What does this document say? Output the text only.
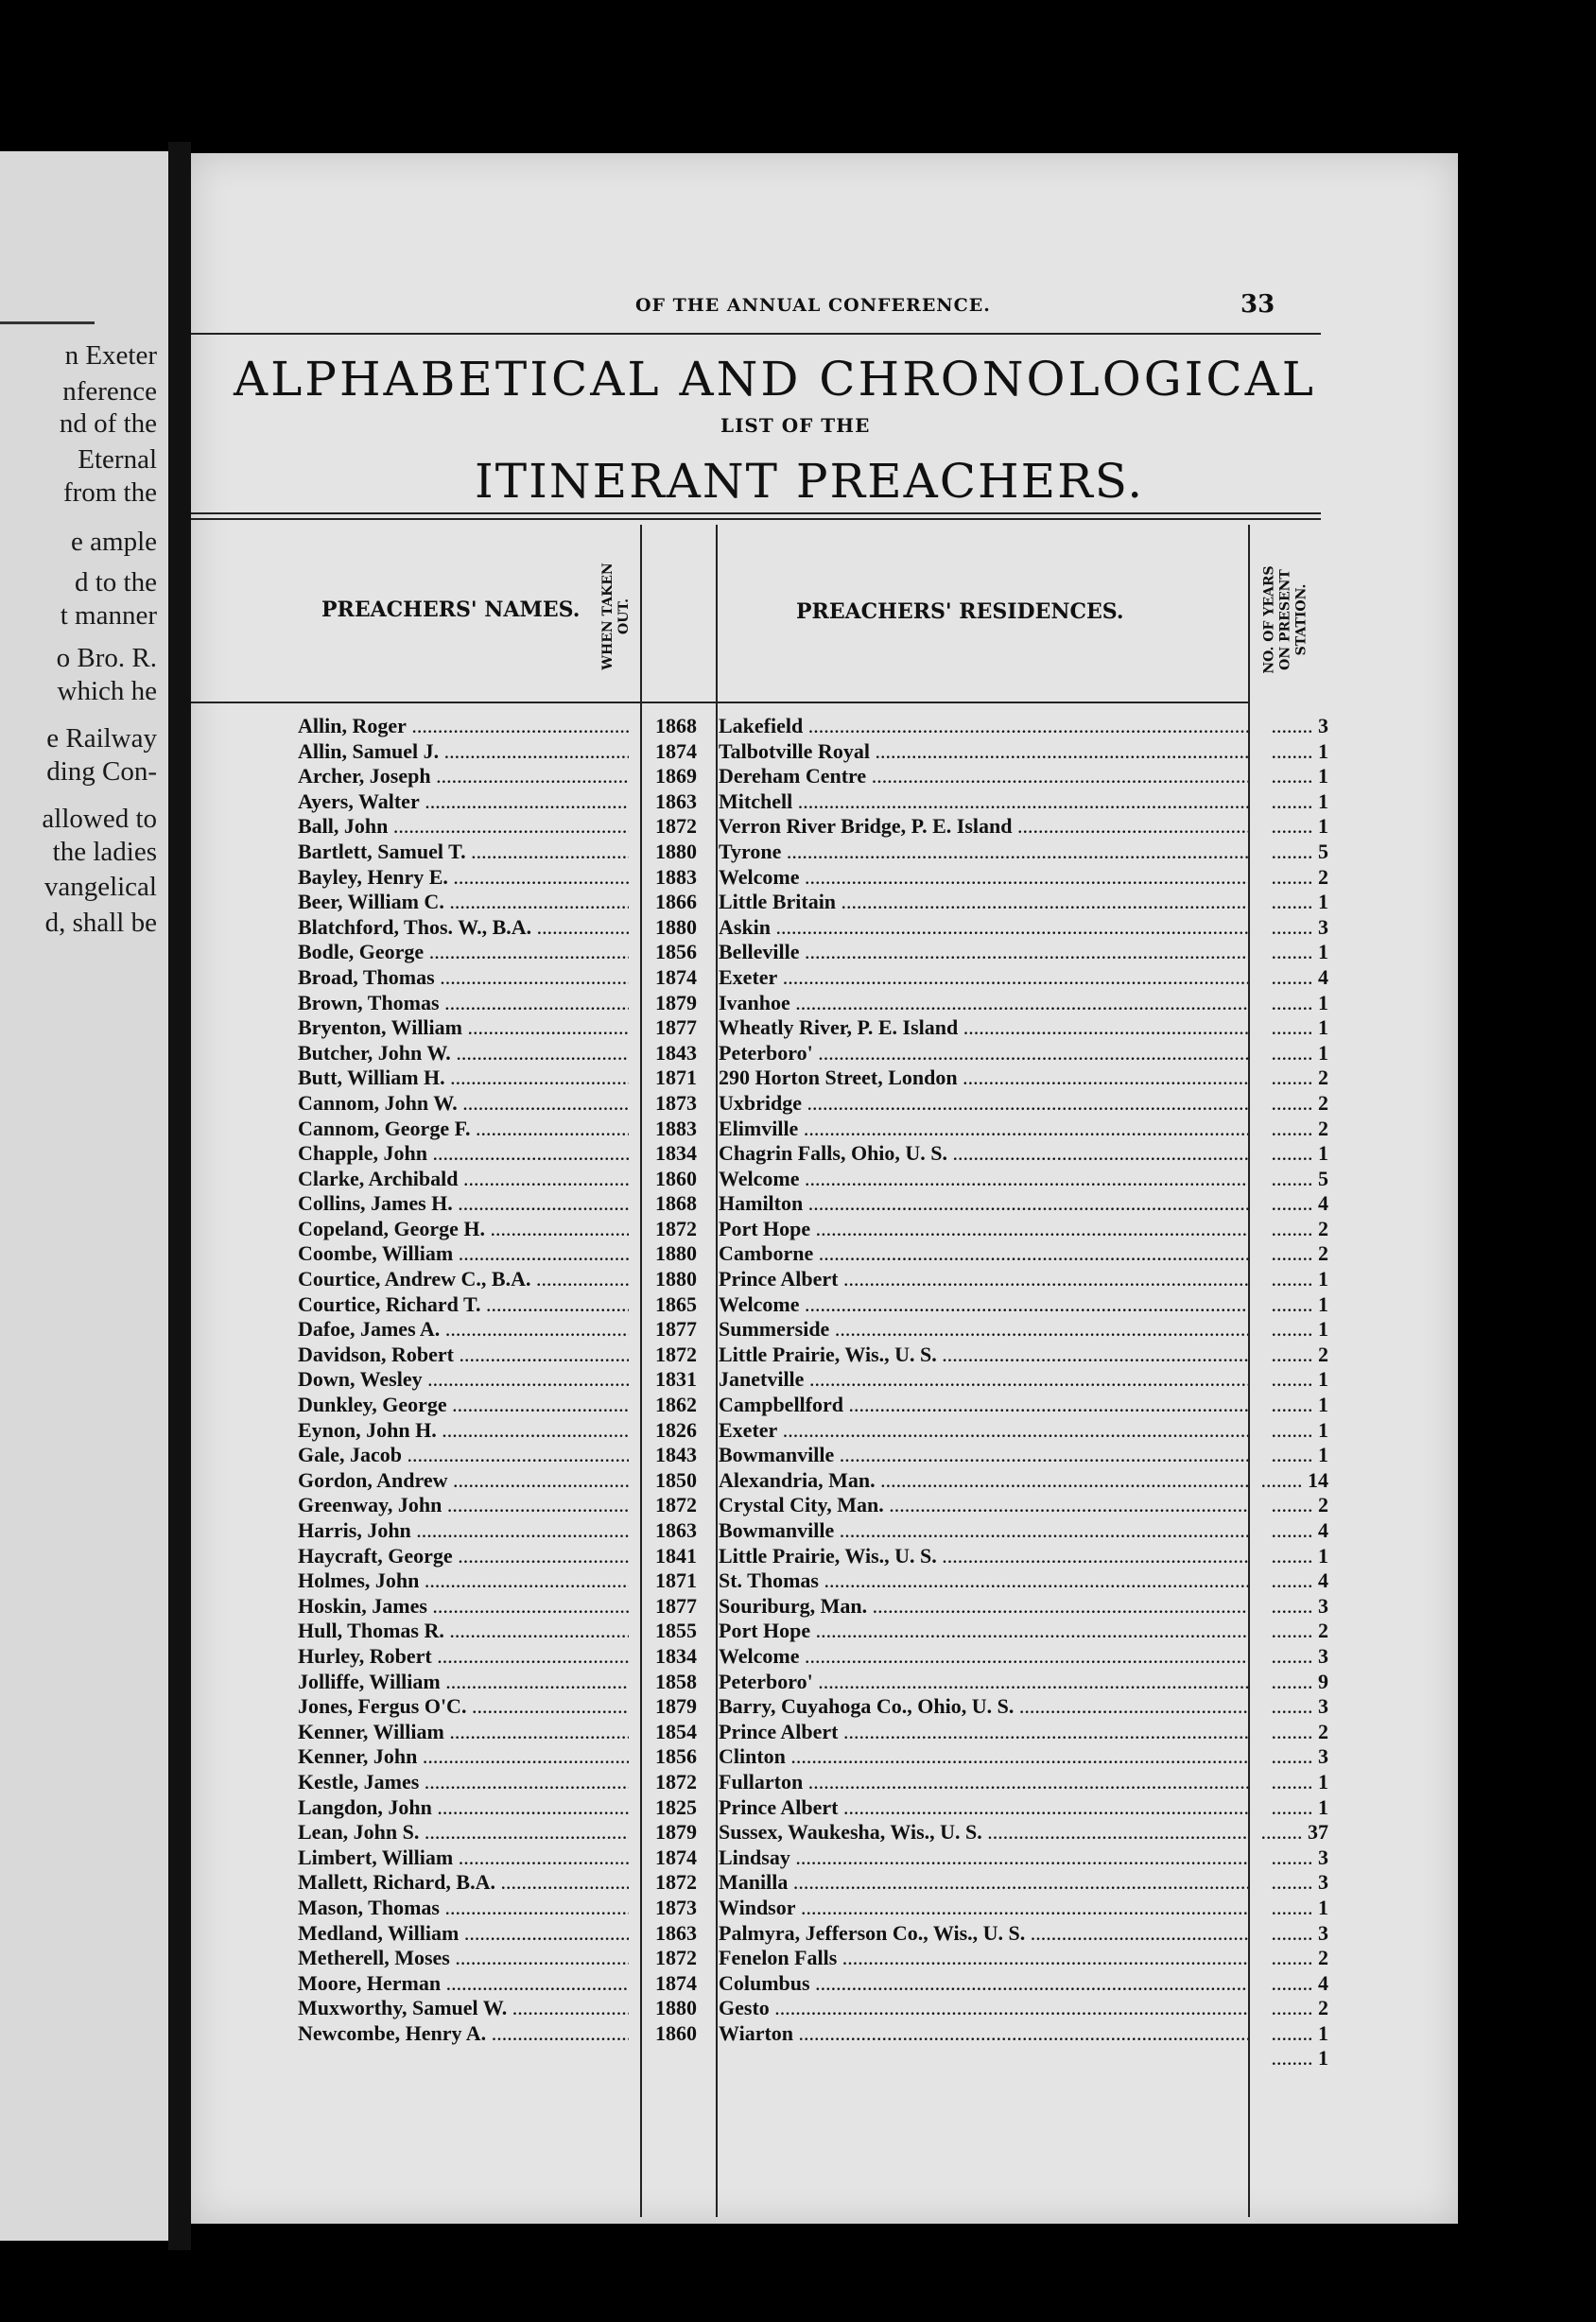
n Exeter
nference
nd of the
Eternal
from the
e ample
d to the
t manner
o Bro. R.
which he
e Railway
ding Con-
allowed to
the ladies
vangelical
d, shall be
OF THE ANNUAL CONFERENCE.	33
ALPHABETICAL AND CHRONOLOGICAL
LIST OF THE
ITINERANT PREACHERS.
PREACHERS' NAMES. WHEN TAKEN OUT.	PREACHERS' RESIDENCES.	NO. OF YEARS ON PRESENT STATION.
Allin, Roger .....	1868	Lakefield .....	..... 3
Allin, Samuel J. .....	1874	Talbotville Royal .....	..... 1
Archer, Joseph .....	1869	Dereham Centre .....	..... 1
Ayers, Walter .....	1863	Mitchell .....	..... 1
Ball, John .....	1872	Verron River Bridge, P. E. Island .....	..... 1
Bartlett, Samuel T. .....	1880	Tyrone .....	..... 5
Bayley, Henry E. .....	1883	Welcome .....	..... 2
Beer, William C. .....	1866	Little Britain .....	..... 1
Blatchford, Thos. W., B.A. .....	1880	Askin .....	..... 3
Bodle, George .....	1856	Belleville .....	..... 1
Broad, Thomas .....	1874	Exeter .....	..... 4
Brown, Thomas .....	1879	Ivanhoe .....	..... 1
Bryenton, William .....	1877	Wheatly River, P. E. Island .....	..... 1
Butcher, John W. .....	1843	Peterboro' .....	..... 1
Butt, William H. .....	1871	290 Horton Street, London .....	..... 2
Cannom, John W. .....	1873	Uxbridge .....	..... 2
Cannom, George F. .....	1883	Elimville .....	..... 2
Chapple, John .....	1834	Chagrin Falls, Ohio, U. S. .....	..... 1
Clarke, Archibald .....	1860	Welcome .....	..... 5
Collins, James H. .....	1868	Hamilton .....	..... 4
Copeland, George H. .....	1872	Port Hope .....	..... 2
Coombe, William .....	1880	Camborne .....	..... 2
Courtice, Andrew C., B.A. .....	1880	Prince Albert .....	..... 1
Courtice, Richard T. .....	1865	Welcome .....	..... 1
Dafoe, James A. .....	1877	Summerside .....	..... 1
Davidson, Robert .....	1872	Little Prairie, Wis., U. S. .....	..... 2
Down, Wesley .....	1831	Janetville .....	..... 1
Dunkley, George .....	1862	Campbellford .....	..... 1
Eynon, John H. .....	1826	Exeter .....	..... 1
Gale, Jacob .....	1843	Bowmanville .....	..... 1
Gordon, Andrew .....	1850	Alexandria, Man. .....	..... 14
Greenway, John .....	1872	Crystal City, Man. .....	..... 2
Harris, John .....	1863	Bowmanville .....	..... 4
Haycraft, George .....	1841	Little Prairie, Wis., U. S. .....	..... 1
Holmes, John .....	1871	St. Thomas .....	..... 4
Hoskin, James .....	1877	Souriburg, Man. .....	..... 3
Hull, Thomas R. .....	1855	Port Hope .....	..... 2
Hurley, Robert .....	1834	Welcome .....	..... 3
Jolliffe, William .....	1858	Peterboro' .....	..... 9
Jones, Fergus O'C. .....	1879	Barry, Cuyahoga Co., Ohio, U. S. .....	..... 3
Kenner, William .....	1854	Prince Albert .....	..... 2
Kenner, John .....	1856	Clinton .....	..... 3
Kestle, James .....	1872	Fullarton .....	..... 1
Langdon, John .....	1825	Prince Albert .....	..... 1
Lean, John S. .....	1879	Sussex, Waukesha, Wis., U. S. .....	..... 37
Limbert, William .....	1874	Lindsay .....	..... 3
Mallett, Richard, B.A. .....	1872	Manilla .....	..... 3
Mason, Thomas .....	1873	Windsor .....	..... 1
Medland, William .....	1863	Palmyra, Jefferson Co., Wis., U. S. .....	..... 3
Metherell, Moses .....	1872	Fenelon Falls .....	..... 2
Moore, Herman .....	1874	Columbus .....	..... 4
Muxworthy, Samuel W. .....	1880	Gesto .....	..... 2
Newcombe, Henry A. .....	1860	Wiarton .....	..... 1
..... 1
